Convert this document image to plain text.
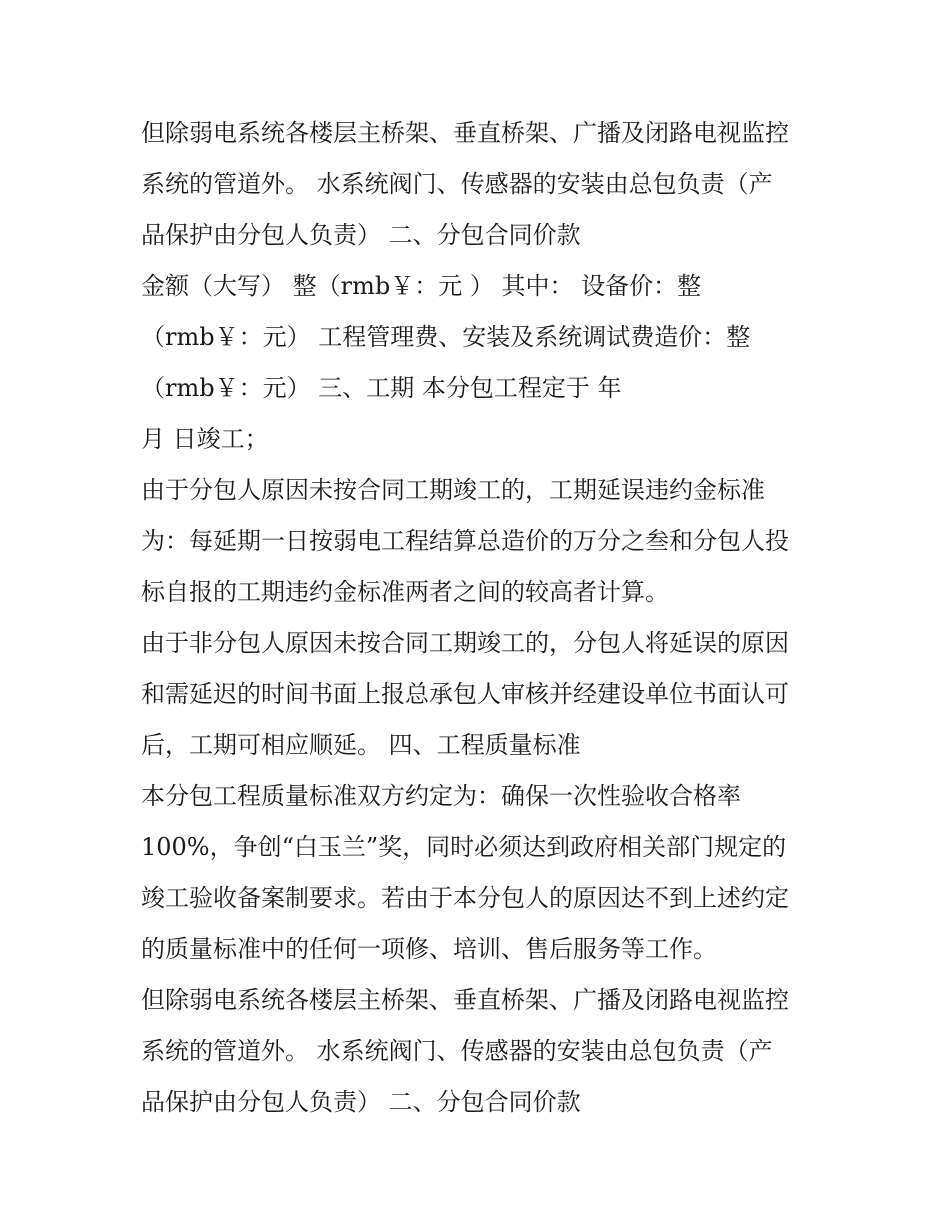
但除弱电系统各楼层主桥架、垂直桥架、广播及闭路电视监控
系统的管道外。 水系统阀门、传感器的安装由总包负责（产
品保护由分包人负责） 二、分包合同价款
金额（大写） 整（rmb￥：元 ） 其中： 设备价：整
（rmb￥：元） 工程管理费、安装及系统调试费造价：整
（rmb￥：元） 三、工期 本分包工程定于 年
月 日竣工；
由于分包人原因未按合同工期竣工的，工期延误违约金标准
为：每延期一日按弱电工程结算总造价的万分之叁和分包人投
标自报的工期违约金标准两者之间的较高者计算。
由于非分包人原因未按合同工期竣工的，分包人将延误的原因
和需延迟的时间书面上报总承包人审核并经建设单位书面认可
后，工期可相应顺延。 四、工程质量标准
本分包工程质量标准双方约定为：确保一次性验收合格率
100%，争创“白玉兰”奖，同时必须达到政府相关部门规定的
竣工验收备案制要求。若由于本分包人的原因达不到上述约定
的质量标准中的任何一项修、培训、售后服务等工作。
但除弱电系统各楼层主桥架、垂直桥架、广播及闭路电视监控
系统的管道外。 水系统阀门、传感器的安装由总包负责（产
品保护由分包人负责） 二、分包合同价款
